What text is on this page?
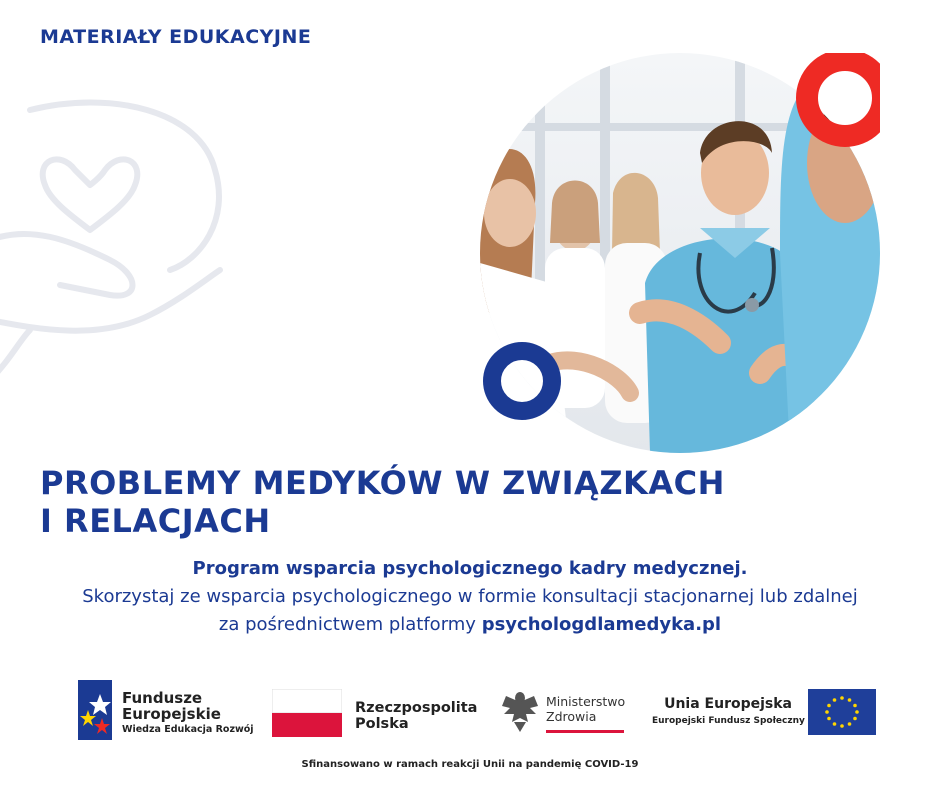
MATERIAŁY EDUKACYJNE
PROBLEMY MEDYKÓW W ZWIĄZKACH
I RELACJACH
Program wsparcia psychologicznego kadry medycznej.
Skorzystaj ze wsparcia psychologicznego w formie konsultacji stacjonarnej lub zdalnej
za pośrednictwem platformy psychologdlamedyka.pl
Fundusze
Europejskie
Wiedza Edukacja Rozwój
Rzeczpospolita
Polska
Ministerstwo
Zdrowia
Unia Europejska
Europejski Fundusz Społeczny
Sfinansowano w ramach reakcji Unii na pandemię COVID-19
